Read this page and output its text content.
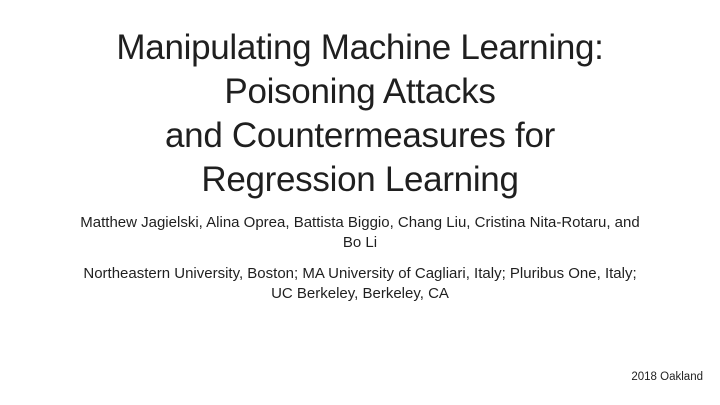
Manipulating Machine Learning:
Poisoning Attacks
and Countermeasures for
Regression Learning
Matthew Jagielski, Alina Oprea, Battista Biggio, Chang Liu, Cristina Nita-Rotaru, and Bo Li
Northeastern University, Boston; MA University of Cagliari, Italy; Pluribus One, Italy; UC Berkeley, Berkeley, CA
2018 Oakland
